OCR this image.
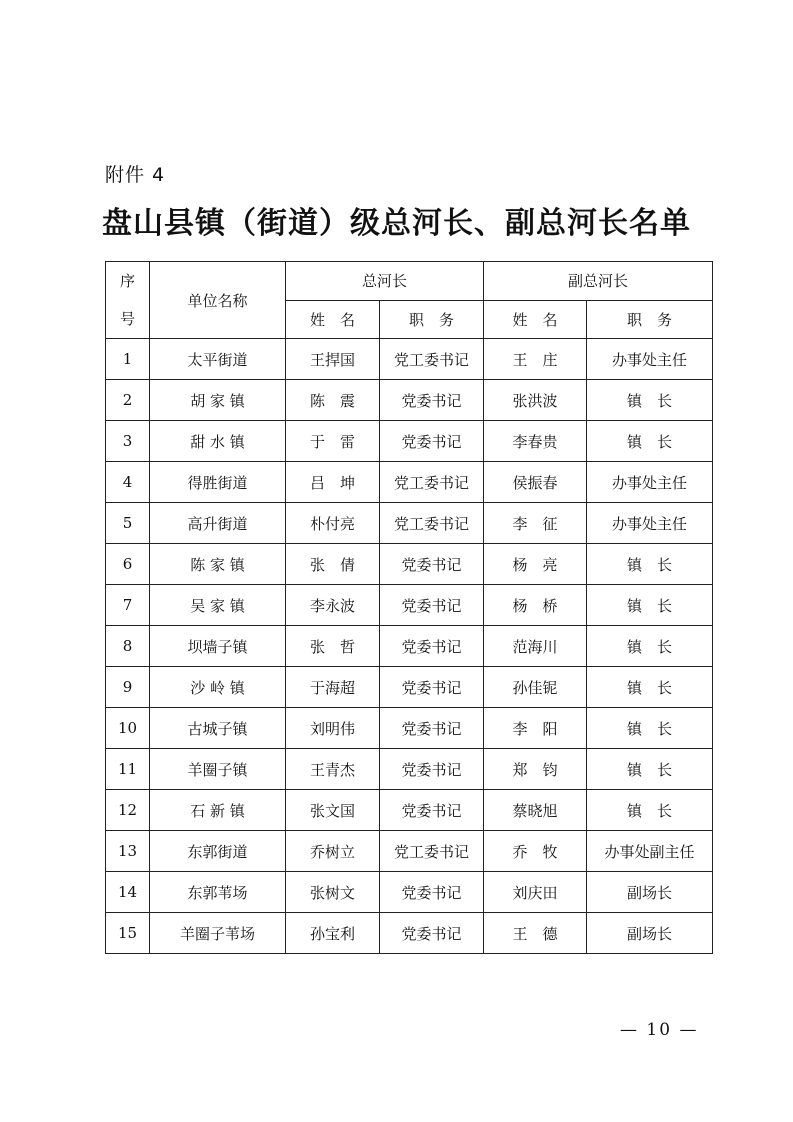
附件 4
盘山县镇（街道）级总河长、副总河长名单
序
号	单位名称	总河长		副总河长	
		姓　名	职　务	姓　名	职　务
1	太平街道	王捍国	党工委书记	王　庄	办事处主任
2	胡 家 镇	陈　震	党委书记	张洪波	镇　长
3	甜 水 镇	于　雷	党委书记	李春贵	镇　长
4	得胜街道	吕　坤	党工委书记	侯振春	办事处主任
5	高升街道	朴付亮	党工委书记	李　征	办事处主任
6	陈 家 镇	张　倩	党委书记	杨　亮	镇　长
7	吴 家 镇	李永波	党委书记	杨　桥	镇　长
8	坝墙子镇	张　哲	党委书记	范海川	镇　长
9	沙 岭 镇	于海超	党委书记	孙佳铌	镇　长
10	古城子镇	刘明伟	党委书记	李　阳	镇　长
11	羊圈子镇	王青杰	党委书记	郑　钧	镇　长
12	石 新 镇	张文国	党委书记	蔡晓旭	镇　长
13	东郭街道	乔树立	党工委书记	乔　牧	办事处副主任
14	东郭苇场	张树文	党委书记	刘庆田	副场长
15	羊圈子苇场	孙宝利	党委书记	王　德	副场长
— 10 —
